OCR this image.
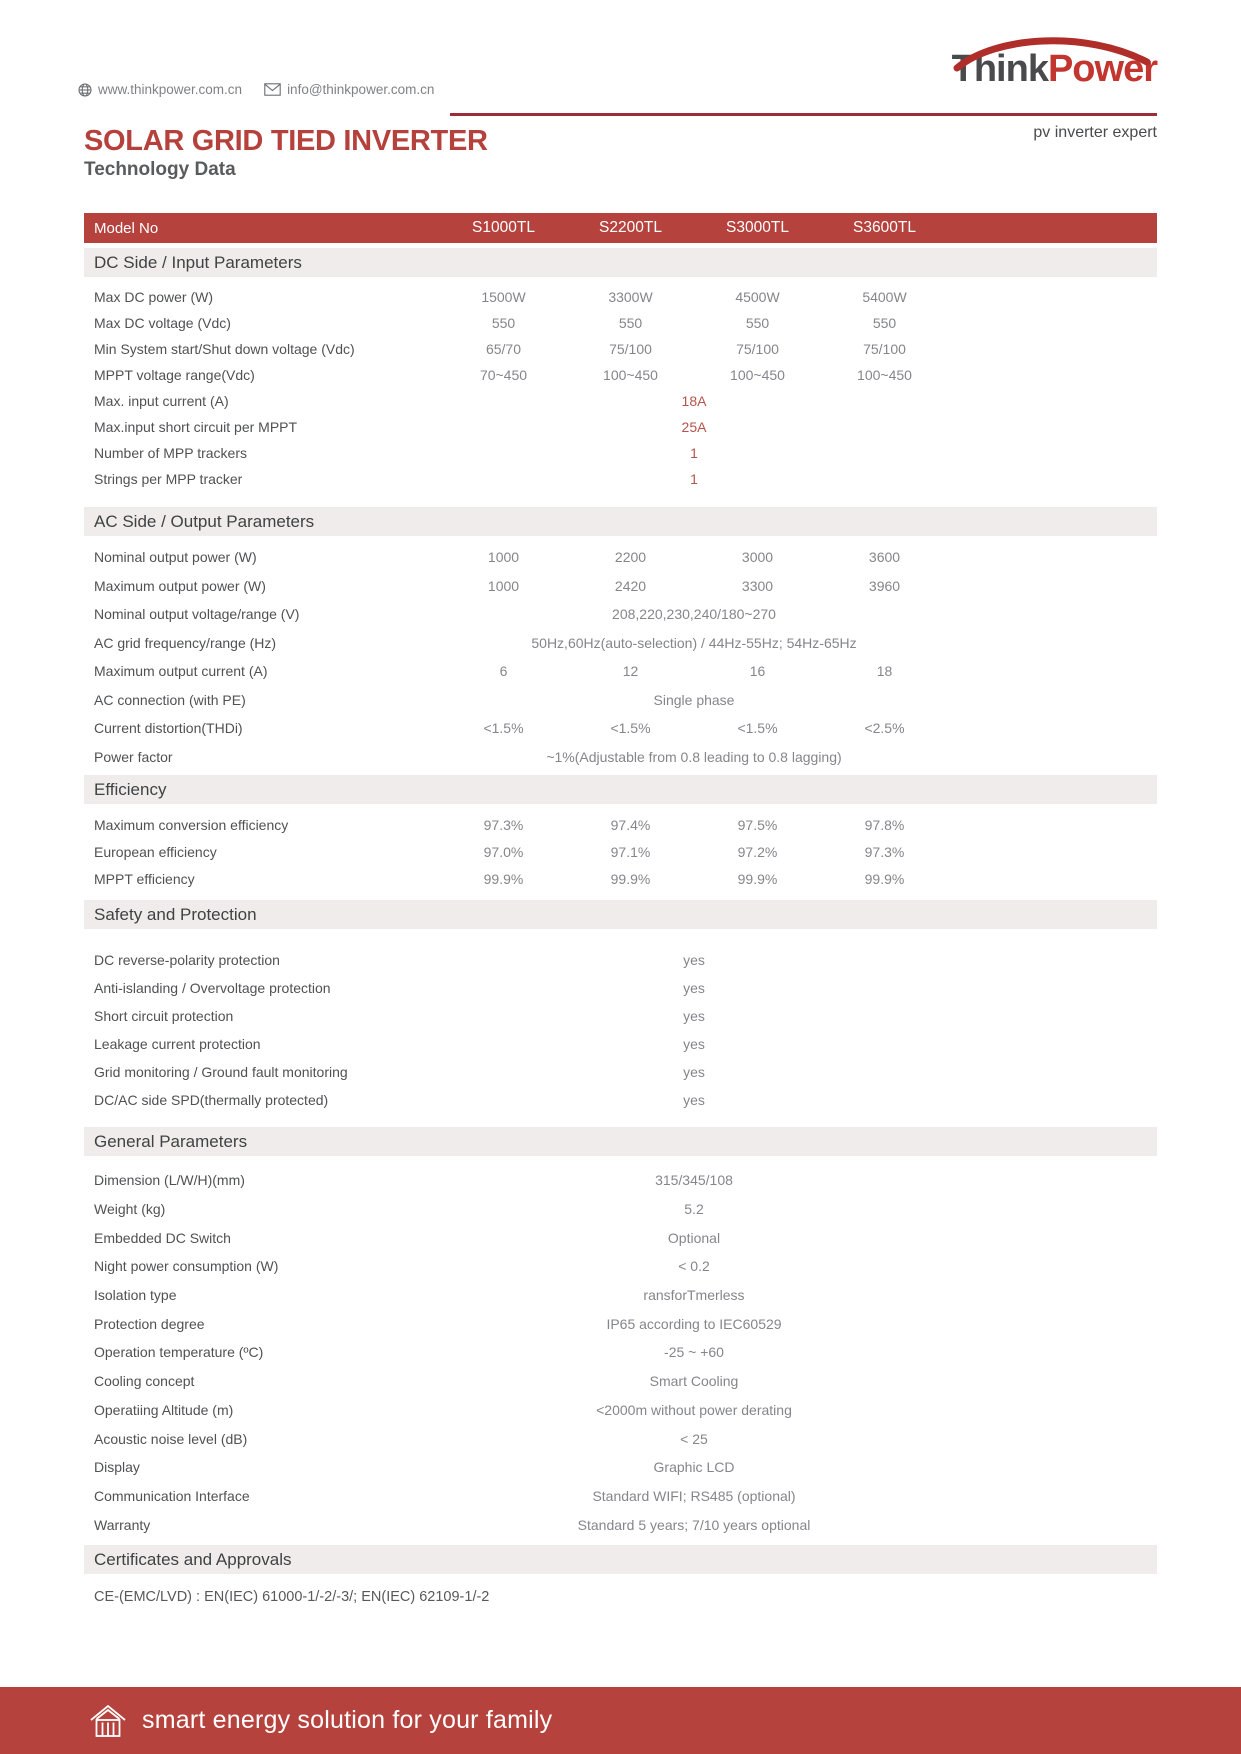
www.thinkpower.com.cn	info@thinkpower.com.cn	ThinkPower
pv inverter expert
SOLAR GRID TIED INVERTER
Technology Data
Model No	S1000TL	S2200TL	S3000TL	S3600TL
DC Side / Input Parameters
Max DC power (W)	1500W	3300W	4500W	5400W
Max DC voltage (Vdc)	550	550	550	550
Min System start/Shut down voltage (Vdc)	65/70	75/100	75/100	75/100
MPPT voltage range(Vdc)	70~450	100~450	100~450	100~450
Max. input current (A)	18A
Max.input short circuit per MPPT	25A
Number of MPP trackers	1
Strings per MPP tracker	1
AC Side / Output Parameters
Nominal output power (W)	1000	2200	3000	3600
Maximum output power (W)	1000	2420	3300	3960
Nominal output voltage/range (V)	208,220,230,240/180~270
AC grid frequency/range (Hz)	50Hz,60Hz(auto-selection) / 44Hz-55Hz; 54Hz-65Hz
Maximum output current (A)	6	12	16	18
AC connection (with PE)	Single phase
Current distortion(THDi)	<1.5%	<1.5%	<1.5%	<2.5%
Power factor	~1%(Adjustable from 0.8 leading to 0.8 lagging)
Efficiency
Maximum conversion efficiency	97.3%	97.4%	97.5%	97.8%
European efficiency	97.0%	97.1%	97.2%	97.3%
MPPT efficiency	99.9%	99.9%	99.9%	99.9%
Safety and Protection
DC reverse-polarity protection	yes
Anti-islanding / Overvoltage protection	yes
Short circuit protection	yes
Leakage current protection	yes
Grid monitoring / Ground fault monitoring	yes
DC/AC side SPD(thermally protected)	yes
General Parameters
Dimension (L/W/H)(mm)	315/345/108
Weight (kg)	5.2
Embedded DC Switch	Optional
Night power consumption (W)	< 0.2
Isolation type	ransforTmerless
Protection degree	IP65 according to IEC60529
Operation temperature (ºC)	-25 ~ +60
Cooling concept	Smart Cooling
Operatiing Altitude (m)	<2000m without power derating
Acoustic noise level (dB)	< 25
Display	Graphic LCD
Communication Interface	Standard WIFI; RS485 (optional)
Warranty	Standard 5 years; 7/10 years optional
Certificates and Approvals
CE-(EMC/LVD) : EN(IEC) 61000-1/-2/-3/; EN(IEC) 62109-1/-2
smart energy solution for your family
